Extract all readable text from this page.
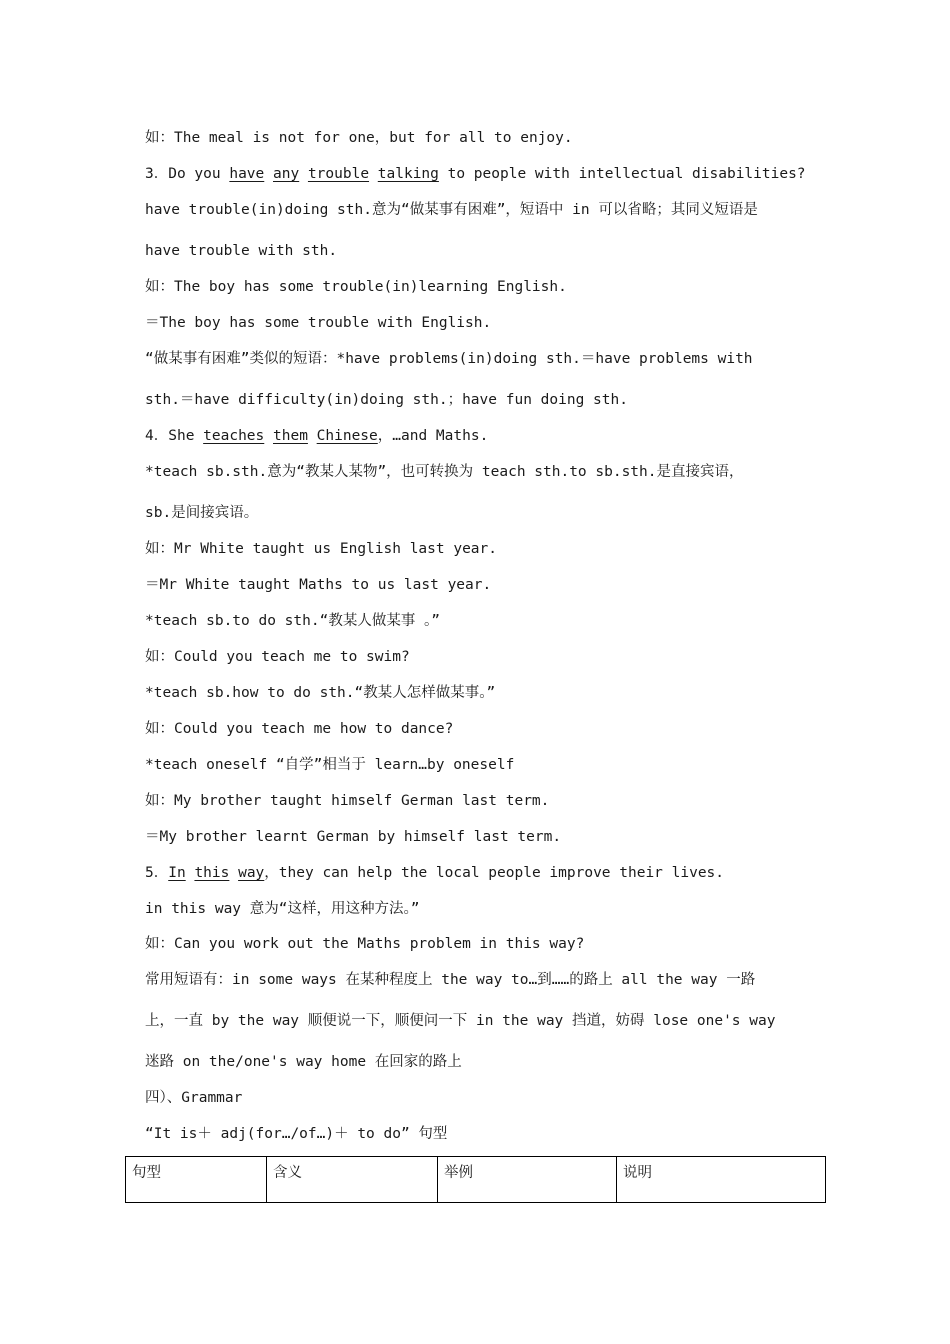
如：The meal is not for one，but for all to enjoy.
3．Do you have any trouble talking to people with intellectual disabilities?
have trouble(in)doing sth.意为“做某事有困难”，短语中 in 可以省略；其同义短语是
have trouble with sth.
如：The boy has some trouble(in)learning English.
＝The boy has some trouble with English.
“做某事有困难”类似的短语：*have problems(in)doing sth.＝have problems with
sth.＝have difficulty(in)doing sth.；have fun doing sth.
4．She teaches them Chinese，…and Maths.
*teach sb.sth.意为“教某人某物”，也可转换为 teach sth.to sb.sth.是直接宾语，
sb.是间接宾语。
如：Mr White taught us English last year.
＝Mr White taught Maths to us last year.
*teach sb.to do sth.“教某人做某事 。”
如：Could you teach me to swim?
*teach sb.how to do sth.“教某人怎样做某事。”
如：Could you teach me how to dance?
*teach oneself “自学”相当于 learn…by oneself
如：My brother taught himself German last term.
＝My brother learnt German by himself last term.
5．In this way，they can help the local people improve their lives.
in this way 意为“这样，用这种方法。”
如：Can you work out the Maths problem in this way?
常用短语有：in some ways 在某种程度上 the way to…到……的路上 all the way 一路
上，一直 by the way 顺便说一下，顺便问一下 in the way 挡道，妨碍 lose one's way
迷路 on the/one's way home 在回家的路上
四）、Grammar
“It is＋ adj(for…/of…)＋ to do” 句型
句型	含义	举例	说明
